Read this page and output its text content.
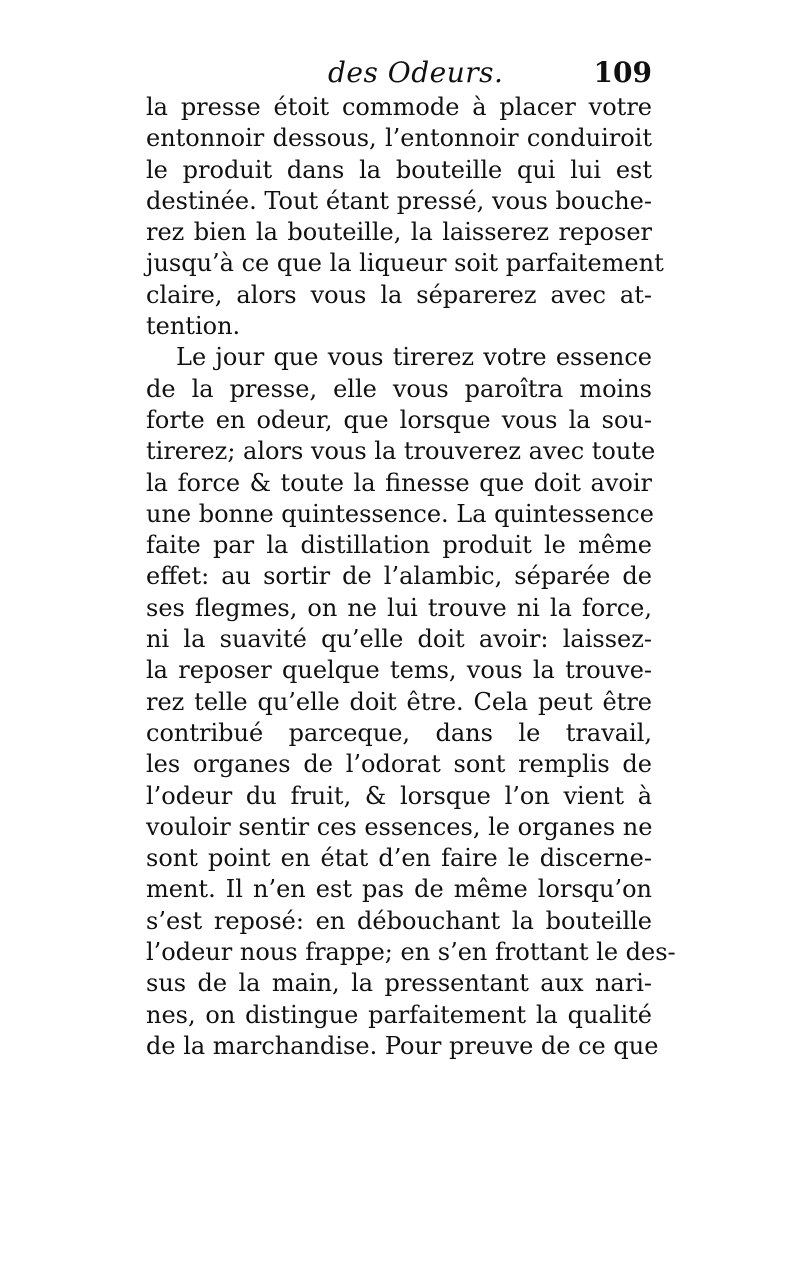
des Odeurs.	109
la presse étoit commode à placer votre
entonnoir dessous, l’entonnoir conduiroit
le produit dans la bouteille qui lui est
destinée. Tout étant pressé, vous bouche-
rez bien la bouteille, la laisserez reposer
jusqu’à ce que la liqueur soit parfaitement
claire, alors vous la séparerez avec at-
tention.
Le jour que vous tirerez votre essence
de la presse, elle vous paroîtra moins
forte en odeur, que lorsque vous la sou-
tirerez; alors vous la trouverez avec toute
la force & toute la finesse que doit avoir
une bonne quintessence. La quintessence
faite par la distillation produit le même
effet: au sortir de l’alambic, séparée de
ses flegmes, on ne lui trouve ni la force,
ni la suavité qu’elle doit avoir: laissez-
la reposer quelque tems, vous la trouve-
rez telle qu’elle doit être. Cela peut être
contribué parceque, dans le travail,
les organes de l’odorat sont remplis de
l’odeur du fruit, & lorsque l’on vient à
vouloir sentir ces essences, le organes ne
sont point en état d’en faire le discerne-
ment. Il n’en est pas de même lorsqu’on
s’est reposé: en débouchant la bouteille
l’odeur nous frappe; en s’en frottant le des-
sus de la main, la pressentant aux nari-
nes, on distingue parfaitement la qualité
de la marchandise. Pour preuve de ce que
